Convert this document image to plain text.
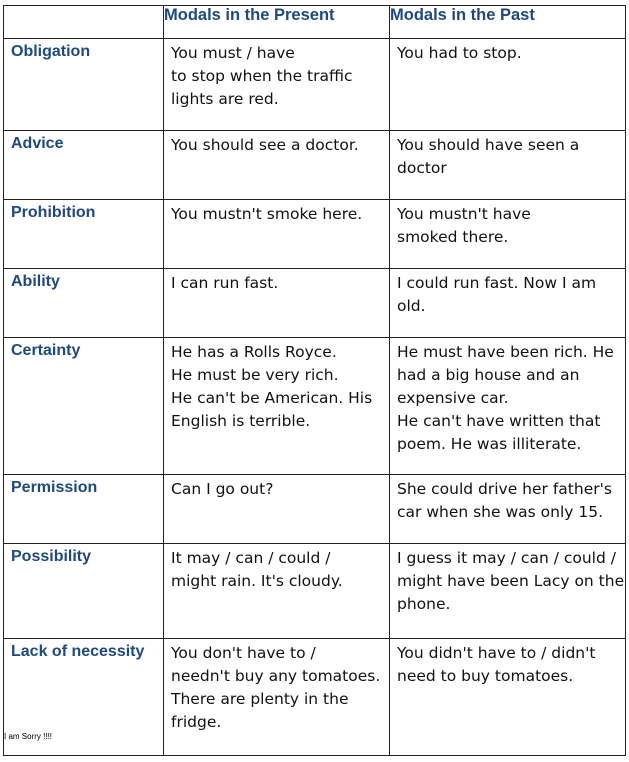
	Modals in the Present	Modals in the Past
Obligation	You must / have
to stop when the traffic
lights are red.	You had to stop.

Advice	You should see a doctor.	You should have seen a
doctor

Prohibition	You mustn't smoke here.	You mustn't have
smoked there.

Ability	I can run fast.	I could run fast. Now I am
old.

Certainty	He has a Rolls Royce.
He must be very rich.
He can't be American. His
English is terrible.	He must have been rich. He
had a big house and an
expensive car.
He can't have written that
poem. He was illiterate.

Permission	Can I go out?	She could drive her father's
car when she was only 15.

Possibility	It may / can / could /
might rain. It's cloudy.	I guess it may / can / could /
might have been Lacy on the
phone.

Lack of necessity
I am Sorry !!!!	You don't have to /
needn't buy any tomatoes.
There are plenty in the
fridge.	You didn't have to / didn't
need to buy tomatoes.
